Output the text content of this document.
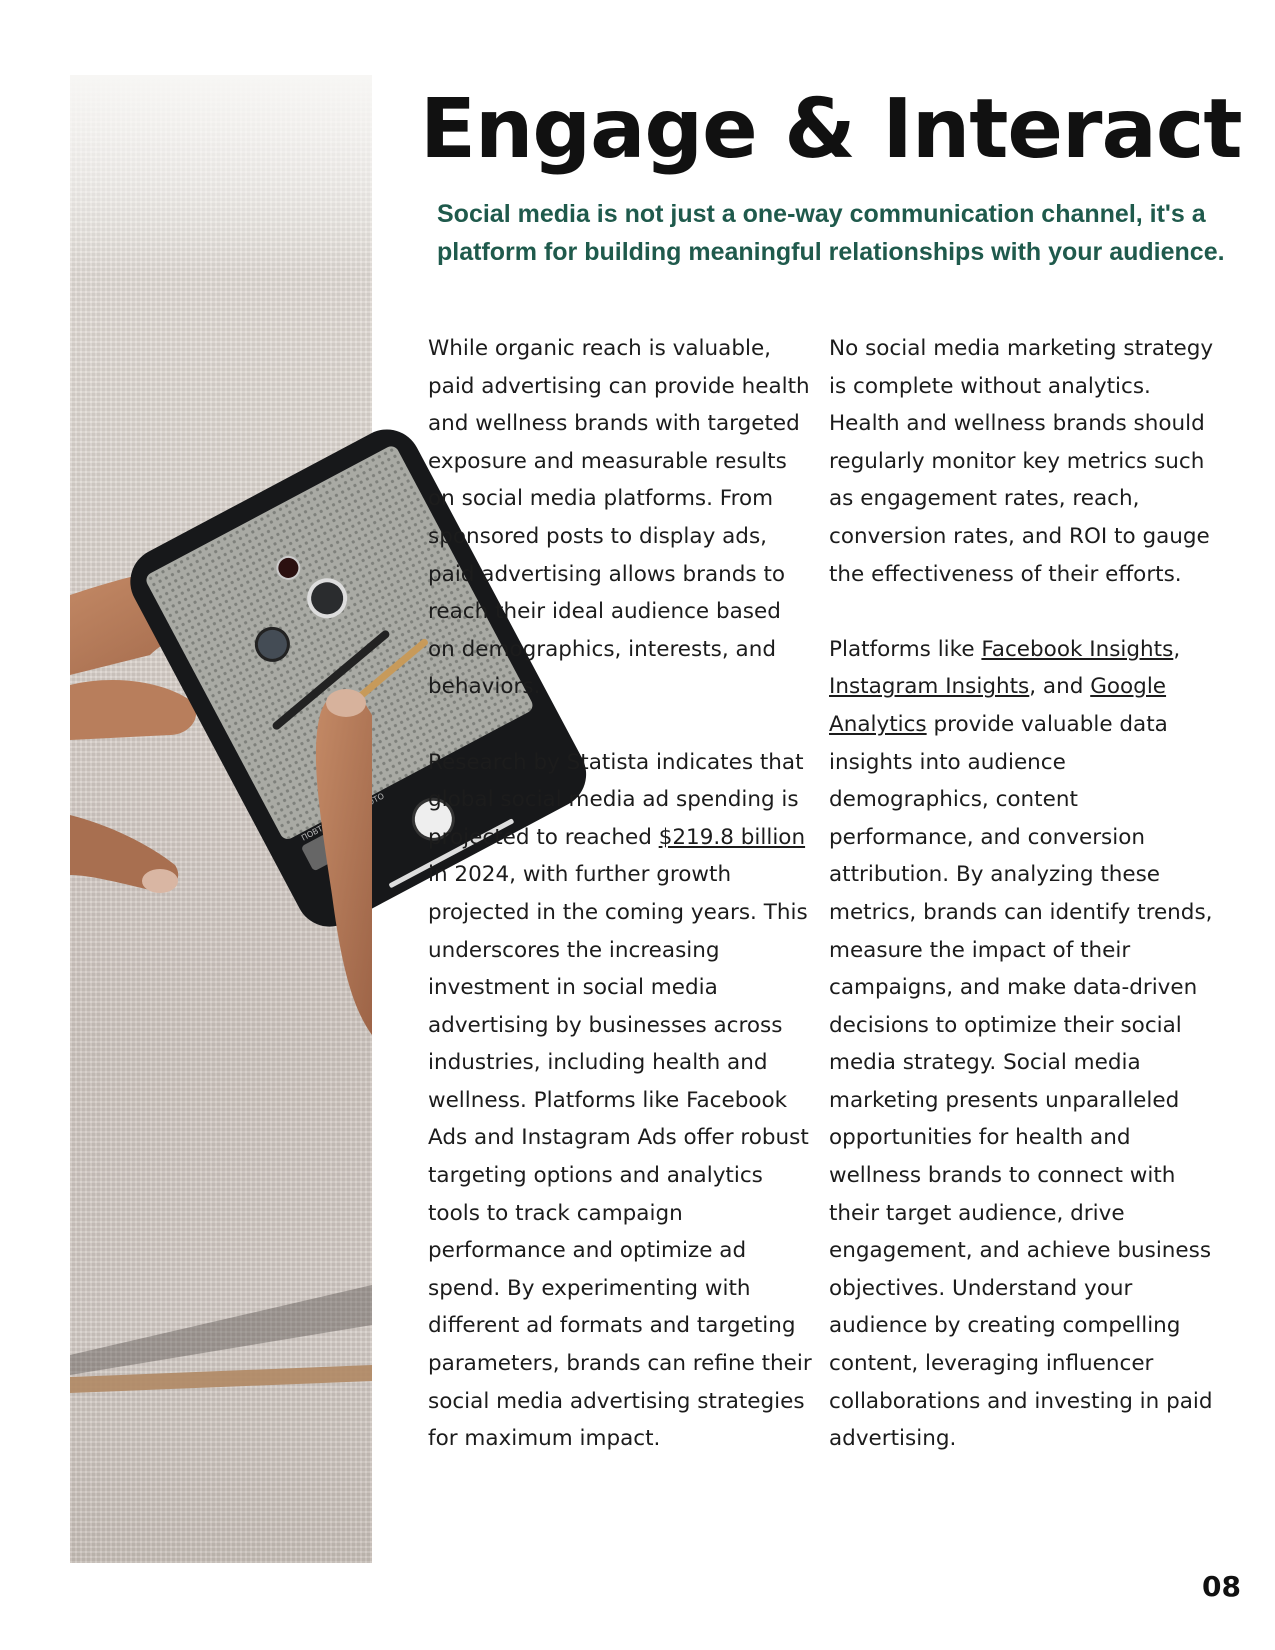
ПОВТОР ФОТО
Engage & Interact

Social media is not just a one-way communication channel, it's a platform for building meaningful relationships with your audience.

While organic reach is valuable, paid advertising can provide health and wellness brands with targeted exposure and measurable results on social media platforms. From sponsored posts to display ads, paid advertising allows brands to reach their ideal audience based on demographics, interests, and behaviors.

Research by Statista indicates that global social media ad spending is projected to reached $219.8 billion in 2024, with further growth projected in the coming years. This underscores the increasing investment in social media advertising by businesses across industries, including health and wellness. Platforms like Facebook Ads and Instagram Ads offer robust targeting options and analytics tools to track campaign performance and optimize ad spend. By experimenting with different ad formats and targeting parameters, brands can refine their social media advertising strategies for maximum impact.

No social media marketing strategy is complete without analytics. Health and wellness brands should regularly monitor key metrics such as engagement rates, reach, conversion rates, and ROI to gauge the effectiveness of their efforts.

Platforms like Facebook Insights, Instagram Insights, and Google Analytics provide valuable data insights into audience demographics, content performance, and conversion attribution. By analyzing these metrics, brands can identify trends, measure the impact of their campaigns, and make data-driven decisions to optimize their social media strategy. Social media marketing presents unparalleled opportunities for health and wellness brands to connect with their target audience, drive engagement, and achieve business objectives. Understand your audience by creating compelling content, leveraging influencer collaborations and investing in paid advertising.

08
